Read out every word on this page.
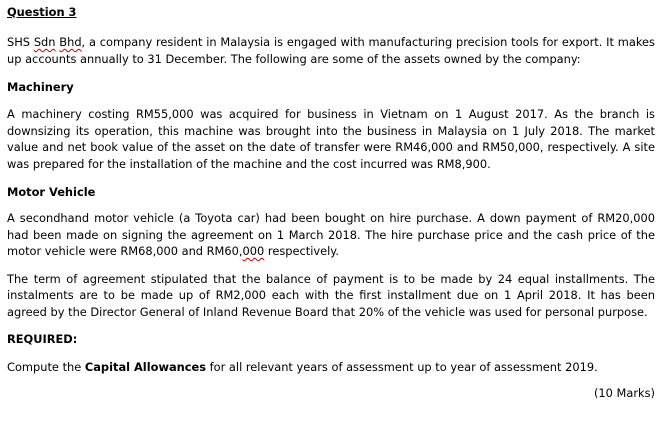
Question 3

SHS Sdn Bhd, a company resident in Malaysia is engaged with manufacturing precision tools for export. It makes up accounts annually to 31 December. The following are some of the assets owned by the company:

Machinery

A machinery costing RM55,000 was acquired for business in Vietnam on 1 August 2017. As the branch is downsizing its operation, this machine was brought into the business in Malaysia on 1 July 2018. The market value and net book value of the asset on the date of transfer were RM46,000 and RM50,000, respectively. A site was prepared for the installation of the machine and the cost incurred was RM8,900.

Motor Vehicle

A secondhand motor vehicle (a Toyota car) had been bought on hire purchase. A down payment of RM20,000 had been made on signing the agreement on 1 March 2018. The hire purchase price and the cash price of the motor vehicle were RM68,000 and RM60,000 respectively.

The term of agreement stipulated that the balance of payment is to be made by 24 equal installments. The instalments are to be made up of RM2,000 each with the first installment due on 1 April 2018. It has been agreed by the Director General of Inland Revenue Board that 20% of the vehicle was used for personal purpose.

REQUIRED:

Compute the Capital Allowances for all relevant years of assessment up to year of assessment 2019.

(10 Marks)
